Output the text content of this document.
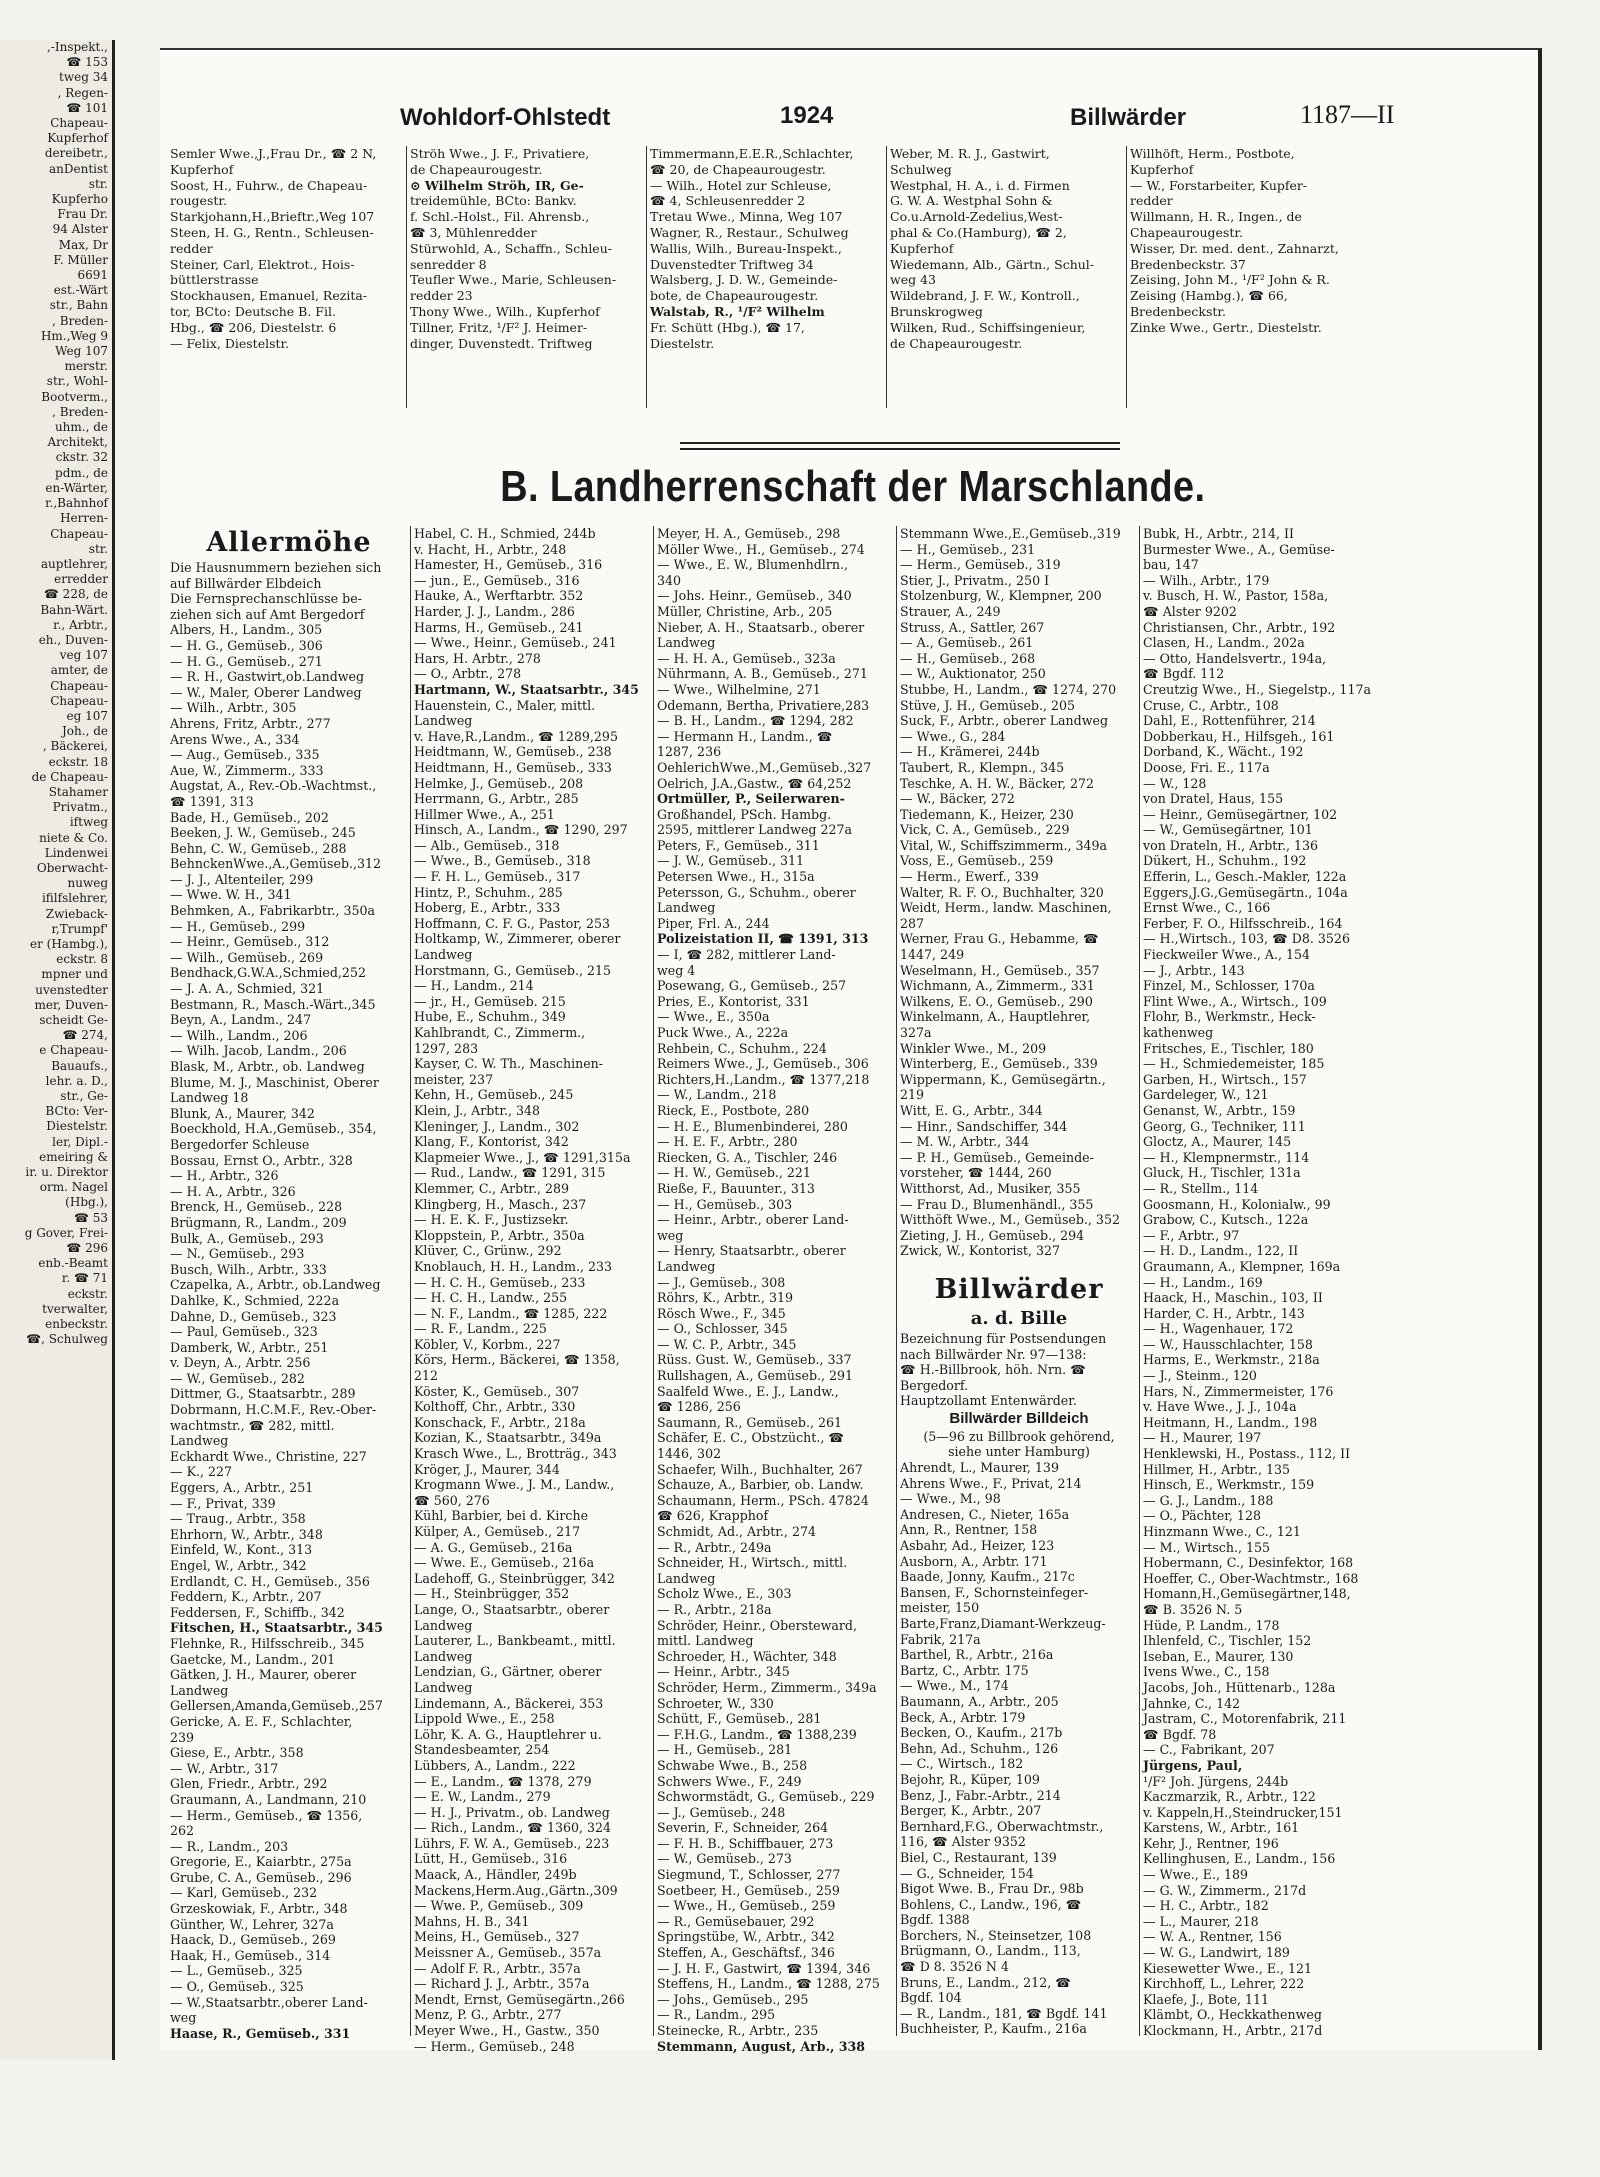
,-Inspekt.,
☎ 153
tweg 34
, Regen-
☎ 101
Chapeau-
Kupferhof
dereibetr.,
anDentist
str.
Kupferho
Frau Dr.
94 Alster
Max, Dr
F. Müller
6691
est.-Wärt
str., Bahn
, Breden-
Hm.,Weg 9
Weg 107
merstr.
str., Wohl-
Bootverm.,
, Breden-
uhm., de
Architekt,
ckstr. 32
pdm., de
en-Wärter,
r.,Bahnhof
Herren-
Chapeau-
str.
auptlehrer,
erredder
☎ 228, de
Bahn-Wärt.
r., Arbtr.,
eh., Duven-
veg 107
amter, de
Chapeau-
Chapeau-
eg 107
Joh., de
, Bäckerei,
eckstr. 18
de Chapeau-
Stahamer
Privatm.,
iftweg
niete & Co.
Lindenwei
Oberwacht-
nuweg
ifilfslehrer,
Zwieback-
r,Trumpf'
er (Hambg.),
eckstr. 8
mpner und
uvenstedter
mer, Duven-
scheidt Ge-
☎ 274,
e Chapeau-
Bauaufs.,
lehr. a. D.,
str., Ge-
BCto: Ver-
Diestelstr.
ler, Dipl.-
emeiring &
ir. u. Direktor
orm. Nagel
(Hbg.),
☎ 53
g Gover, Frei-
☎ 296
enb.-Beamt
r. ☎ 71
eckstr.
tverwalter,
enbeckstr.
☎, Schulweg
Wohldorf-Ohlstedt	1924	Billwärder	1187—II
Semler Wwe.,J.,Frau Dr., ☎ 2 N,
Kupferhof
Soost, H., Fuhrw., de Chapeau-
rougestr.
Starkjohann,H.,Brieftr.,Weg 107
Steen, H. G., Rentn., Schleusen-
redder
Steiner, Carl, Elektrot., Hois-
büttlerstrasse
Stockhausen, Emanuel, Rezita-
tor, BCto: Deutsche B. Fil.
Hbg., ☎ 206, Diestelstr. 6
— Felix, Diestelstr.
Ströh Wwe., J. F., Privatiere,
de Chapeaurougestr.
⊙ Wilhelm Ströh, IR, Ge-
treidemühle, BCto: Bankv.
f. Schl.-Holst., Fil. Ahrensb.,
☎ 3, Mühlenredder
Stürwohld, A., Schaffn., Schleu-
senredder 8
Teufler Wwe., Marie, Schleusen-
redder 23
Thony Wwe., Wilh., Kupferhof
Tillner, Fritz, ¹/F² J. Heimer-
dinger, Duvenstedt. Triftweg
Timmermann,E.E.R.,Schlachter,
☎ 20, de Chapeaurougestr.
— Wilh., Hotel zur Schleuse,
☎ 4, Schleusenredder 2
Tretau Wwe., Minna, Weg 107
Wagner, R., Restaur., Schulweg
Wallis, Wilh., Bureau-Inspekt.,
Duvenstedter Triftweg 34
Walsberg, J. D. W., Gemeinde-
bote, de Chapeaurougestr.
Walstab, R., ¹/F² Wilhelm
Fr. Schütt (Hbg.), ☎ 17,
Diestelstr.
Weber, M. R. J., Gastwirt,
Schulweg
Westphal, H. A., i. d. Firmen
G. W. A. Westphal Sohn &
Co.u.Arnold-Zedelius,West-
phal & Co.(Hamburg), ☎ 2,
Kupferhof
Wiedemann, Alb., Gärtn., Schul-
weg 43
Wildebrand, J. F. W., Kontroll.,
Brunskrogweg
Wilken, Rud., Schiffsingenieur,
de Chapeaurougestr.
Willhöft, Herm., Postbote,
Kupferhof
— W., Forstarbeiter, Kupfer-
redder
Willmann, H. R., Ingen., de
Chapeaurougestr.
Wisser, Dr. med. dent., Zahnarzt,
Bredenbeckstr. 37
Zeising, John M., ¹/F² John & R.
Zeising (Hambg.), ☎ 66,
Bredenbeckstr.
Zinke Wwe., Gertr., Diestelstr.
B. Landherrenschaft der Marschlande.
Allermöhe
Die Hausnummern beziehen sich
auf Billwärder Elbdeich
Die Fernsprechanschlüsse be-
ziehen sich auf Amt Bergedorf
Albers, H., Landm., 305
— H. G., Gemüseb., 306
— H. G., Gemüseb., 271
— R. H., Gastwirt,ob.Landweg
— W., Maler, Oberer Landweg
— Wilh., Arbtr., 305
Ahrens, Fritz, Arbtr., 277
Arens Wwe., A., 334
— Aug., Gemüseb., 335
Aue, W., Zimmerm., 333
Augstat, A., Rev.-Ob.-Wachtmst.,
☎ 1391, 313
Bade, H., Gemüseb., 202
Beeken, J. W., Gemüseb., 245
Behn, C. W., Gemüseb., 288
BehnckenWwe.,A.,Gemüseb.,312
— J. J., Altenteiler, 299
— Wwe. W. H., 341
Behmken, A., Fabrikarbtr., 350a
— H., Gemüseb., 299
— Heinr., Gemüseb., 312
— Wilh., Gemüseb., 269
Bendhack,G.W.A.,Schmied,252
— J. A. A., Schmied, 321
Bestmann, R., Masch.-Wärt.,345
Beyn, A., Landm., 247
— Wilh., Landm., 206
— Wilh. Jacob, Landm., 206
Blask, M., Arbtr., ob. Landweg
Blume, M. J., Maschinist, Oberer
Landweg 18
Blunk, A., Maurer, 342
Boeckhold, H.A.,Gemüseb., 354,
Bergedorfer Schleuse
Bossau, Ernst O., Arbtr., 328
— H., Arbtr., 326
— H. A., Arbtr., 326
Brenck, H., Gemüseb., 228
Brügmann, R., Landm., 209
Bulk, A., Gemüseb., 293
— N., Gemüseb., 293
Busch, Wilh., Arbtr., 333
Czapelka, A., Arbtr., ob.Landweg
Dahlke, K., Schmied, 222a
Dahne, D., Gemüseb., 323
— Paul, Gemüseb., 323
Damberk, W., Arbtr., 251
v. Deyn, A., Arbtr. 256
— W., Gemüseb., 282
Dittmer, G., Staatsarbtr., 289
Dobrmann, H.C.M.F., Rev.-Ober-
wachtmstr., ☎ 282, mittl.
Landweg
Eckhardt Wwe., Christine, 227
— K., 227
Eggers, A., Arbtr., 251
— F., Privat, 339
— Traug., Arbtr., 358
Ehrhorn, W., Arbtr., 348
Einfeld, W., Kont., 313
Engel, W., Arbtr., 342
Erdlandt, C. H., Gemüseb., 356
Feddern, K., Arbtr., 207
Feddersen, F., Schiffb., 342
Fitschen, H., Staatsarbtr., 345
Flehnke, R., Hilfsschreib., 345
Gaetcke, M., Landm., 201
Gätken, J. H., Maurer, oberer
Landweg
Gellersen,Amanda,Gemüseb.,257
Gericke, A. E. F., Schlachter,
239
Giese, E., Arbtr., 358
— W., Arbtr., 317
Glen, Friedr., Arbtr., 292
Graumann, A., Landmann, 210
— Herm., Gemüseb., ☎ 1356,
262
— R., Landm., 203
Gregorie, E., Kaiarbtr., 275a
Grube, C. A., Gemüseb., 296
— Karl, Gemüseb., 232
Grzeskowiak, F., Arbtr., 348
Günther, W., Lehrer, 327a
Haack, D., Gemüseb., 269
Haak, H., Gemüseb., 314
— L., Gemüseb., 325
— O., Gemüseb., 325
— W.,Staatsarbtr.,oberer Land-
weg
Haase, R., Gemüseb., 331
Habel, C. H., Schmied, 244b
v. Hacht, H., Arbtr., 248
Hamester, H., Gemüseb., 316
— jun., E., Gemüseb., 316
Hauke, A., Werftarbtr. 352
Harder, J. J., Landm., 286
Harms, H., Gemüseb., 241
— Wwe., Heinr., Gemüseb., 241
Hars, H. Arbtr., 278
— O., Arbtr., 278
Hartmann, W., Staatsarbtr., 345
Hauenstein, C., Maler, mittl.
Landweg
v. Have,R.,Landm., ☎ 1289,295
Heidtmann, W., Gemüseb., 238
Heidtmann, H., Gemüseb., 333
Helmke, J., Gemüseb., 208
Herrmann, G., Arbtr., 285
Hillmer Wwe., A., 251
Hinsch, A., Landm., ☎ 1290, 297
— Alb., Gemüseb., 318
— Wwe., B., Gemüseb., 318
— F. H. L., Gemüseb., 317
Hintz, P., Schuhm., 285
Hoberg, E., Arbtr., 333
Hoffmann, C. F. G., Pastor, 253
Holtkamp, W., Zimmerer, oberer
Landweg
Horstmann, G., Gemüseb., 215
— H., Landm., 214
— jr., H., Gemüseb. 215
Hube, E., Schuhm., 349
Kahlbrandt, C., Zimmerm.,
1297, 283
Kayser, C. W. Th., Maschinen-
meister, 237
Kehn, H., Gemüseb., 245
Klein, J., Arbtr., 348
Kleninger, J., Landm., 302
Klang, F., Kontorist, 342
Klapmeier Wwe., J., ☎ 1291,315a
— Rud., Landw., ☎ 1291, 315
Klemmer, C., Arbtr., 289
Klingberg, H., Masch., 237
— H. E. K. F., Justizsekr.
Kloppstein, P., Arbtr., 350a
Klüver, C., Grünw., 292
Knoblauch, H. H., Landm., 233
— H. C. H., Gemüseb., 233
— H. C. H., Landw., 255
— N. F., Landm., ☎ 1285, 222
— R. F., Landm., 225
Köbler, V., Korbm., 227
Körs, Herm., Bäckerei, ☎ 1358,
212
Köster, K., Gemüseb., 307
Kolthoff, Chr., Arbtr., 330
Konschack, F., Arbtr., 218a
Kozian, K., Staatsarbtr., 349a
Krasch Wwe., L., Brotträg., 343
Kröger, J., Maurer, 344
Krogmann Wwe., J. M., Landw.,
☎ 560, 276
Kühl, Barbier, bei d. Kirche
Külper, A., Gemüseb., 217
— A. G., Gemüseb., 216a
— Wwe. E., Gemüseb., 216a
Ladehoff, G., Steinbrügger, 342
— H., Steinbrügger, 352
Lange, O., Staatsarbtr., oberer
Landweg
Lauterer, L., Bankbeamt., mittl.
Landweg
Lendzian, G., Gärtner, oberer
Landweg
Lindemann, A., Bäckerei, 353
Lippold Wwe., E., 258
Löhr, K. A. G., Hauptlehrer u.
Standesbeamter, 254
Lübbers, A., Landm., 222
— E., Landm., ☎ 1378, 279
— E. W., Landm., 279
— H. J., Privatm., ob. Landweg
— Rich., Landm., ☎ 1360, 324
Lührs, F. W. A., Gemüseb., 223
Lütt, H., Gemüseb., 316
Maack, A., Händler, 249b
Mackens,Herm.Aug.,Gärtn.,309
— Wwe. P., Gemüseb., 309
Mahns, H. B., 341
Meins, H., Gemüseb., 327
Meissner A., Gemüseb., 357a
— Adolf F. R., Arbtr., 357a
— Richard J. J., Arbtr., 357a
Mendt, Ernst, Gemüsegärtn.,266
Menz, P. G., Arbtr., 277
Meyer Wwe., H., Gastw., 350
— Herm., Gemüseb., 248
Meyer, H. A., Gemüseb., 298
Möller Wwe., H., Gemüseb., 274
— Wwe., E. W., Blumenhdlrn.,
340
— Johs. Heinr., Gemüseb., 340
Müller, Christine, Arb., 205
Nieber, A. H., Staatsarb., oberer
Landweg
— H. H. A., Gemüseb., 323a
Nührmann, A. B., Gemüseb., 271
— Wwe., Wilhelmine, 271
Odemann, Bertha, Privatiere,283
— B. H., Landm., ☎ 1294, 282
— Hermann H., Landm., ☎
1287, 236
OehlerichWwe.,M.,Gemüseb.,327
Oelrich, J.A.,Gastw., ☎ 64,252
Ortmüller, P., Seilerwaren-
Großhandel, PSch. Hambg.
2595, mittlerer Landweg 227a
Peters, F., Gemüseb., 311
— J. W., Gemüseb., 311
Petersen Wwe., H., 315a
Petersson, G., Schuhm., oberer
Landweg
Piper, Frl. A., 244
Polizeistation II, ☎ 1391, 313
— I, ☎ 282, mittlerer Land-
weg 4
Posewang, G., Gemüseb., 257
Pries, E., Kontorist, 331
— Wwe., E., 350a
Puck Wwe., A., 222a
Rehbein, C., Schuhm., 224
Reimers Wwe., J., Gemüseb., 306
Richters,H.,Landm., ☎ 1377,218
— W., Landm., 218
Rieck, E., Postbote, 280
— H. E., Blumenbinderei, 280
— H. E. F., Arbtr., 280
Riecken, G. A., Tischler, 246
— H. W., Gemüseb., 221
Rieße, F., Bauunter., 313
— H., Gemüseb., 303
— Heinr., Arbtr., oberer Land-
weg
— Henry, Staatsarbtr., oberer
Landweg
— J., Gemüseb., 308
Röhrs, K., Arbtr., 319
Rösch Wwe., F., 345
— O., Schlosser, 345
— W. C. P., Arbtr., 345
Rüss. Gust. W., Gemüseb., 337
Rullshagen, A., Gemüseb., 291
Saalfeld Wwe., E. J., Landw.,
☎ 1286, 256
Saumann, R., Gemüseb., 261
Schäfer, E. C., Obstzücht., ☎
1446, 302
Schaefer, Wilh., Buchhalter, 267
Schauze, A., Barbier, ob. Landw.
Schaumann, Herm., PSch. 47824
☎ 626, Krapphof
Schmidt, Ad., Arbtr., 274
— R., Arbtr., 249a
Schneider, H., Wirtsch., mittl.
Landweg
Scholz Wwe., E., 303
— R., Arbtr., 218a
Schröder, Heinr., Obersteward,
mittl. Landweg
Schroeder, H., Wächter, 348
— Heinr., Arbtr., 345
Schröder, Herm., Zimmerm., 349a
Schroeter, W., 330
Schütt, F., Gemüseb., 281
— F.H.G., Landm., ☎ 1388,239
— H., Gemüseb., 281
Schwabe Wwe., B., 258
Schwers Wwe., F., 249
Schwormstädt, G., Gemüseb., 229
— J., Gemüseb., 248
Severin, F., Schneider, 264
— F. H. B., Schiffbauer, 273
— W., Gemüseb., 273
Siegmund, T., Schlosser, 277
Soetbeer, H., Gemüseb., 259
— Wwe., H., Gemüseb., 259
— R., Gemüsebauer, 292
Springstübe, W., Arbtr., 342
Steffen, A., Geschäftsf., 346
— J. H. F., Gastwirt, ☎ 1394, 346
Steffens, H., Landm., ☎ 1288, 275
— Johs., Gemüseb., 295
— R., Landm., 295
Steinecke, R., Arbtr., 235
Stemmann, August, Arb., 338
Stemmann Wwe.,E.,Gemüseb.,319
— H., Gemüseb., 231
— Herm., Gemüseb., 319
Stier, J., Privatm., 250 I
Stolzenburg, W., Klempner, 200
Strauer, A., 249
Struss, A., Sattler, 267
— A., Gemüseb., 261
— H., Gemüseb., 268
— W., Auktionator, 250
Stubbe, H., Landm., ☎ 1274, 270
Stüve, J. H., Gemüseb., 205
Suck, F., Arbtr., oberer Landweg
— Wwe., G., 284
— H., Krämerei, 244b
Taubert, R., Klempn., 345
Teschke, A. H. W., Bäcker, 272
— W., Bäcker, 272
Tiedemann, K., Heizer, 230
Vick, C. A., Gemüseb., 229
Vital, W., Schiffszimmerm., 349a
Voss, E., Gemüseb., 259
— Herm., Ewerf., 339
Walter, R. F. O., Buchhalter, 320
Weidt, Herm., landw. Maschinen,
287
Werner, Frau G., Hebamme, ☎
1447, 249
Weselmann, H., Gemüseb., 357
Wichmann, A., Zimmerm., 331
Wilkens, E. O., Gemüseb., 290
Winkelmann, A., Hauptlehrer,
327a
Winkler Wwe., M., 209
Winterberg, E., Gemüseb., 339
Wippermann, K., Gemüsegärtn.,
219
Witt, E. G., Arbtr., 344
— Hinr., Sandschiffer, 344
— M. W., Arbtr., 344
— P. H., Gemüseb., Gemeinde-
vorsteher, ☎ 1444, 260
Witthorst, Ad., Musiker, 355
— Frau D., Blumenhändl., 355
Witthöft Wwe., M., Gemüseb., 352
Zieting, J. H., Gemüseb., 294
Zwick, W., Kontorist, 327
Billwärder
a. d. Bille
Bezeichnung für Postsendungen
nach Billwärder Nr. 97—138:
☎ H.-Billbrook, höh. Nrn. ☎
Bergedorf.
Hauptzollamt Entenwärder.
Billwärder Billdeich
(5—96 zu Billbrook gehörend,
siehe unter Hamburg)
Ahrendt, L., Maurer, 139
Ahrens Wwe., F., Privat, 214
— Wwe., M., 98
Andresen, C., Nieter, 165a
Ann, R., Rentner, 158
Asbahr, Ad., Heizer, 123
Ausborn, A., Arbtr. 171
Baade, Jonny, Kaufm., 217c
Bansen, F., Schornsteinfeger-
meister, 150
Barte,Franz,Diamant-Werkzeug-
Fabrik, 217a
Barthel, R., Arbtr., 216a
Bartz, C., Arbtr. 175
— Wwe., M., 174
Baumann, A., Arbtr., 205
Beck, A., Arbtr. 179
Becken, O., Kaufm., 217b
Behn, Ad., Schuhm., 126
— C., Wirtsch., 182
Bejohr, R., Küper, 109
Benz, J., Fabr.-Arbtr., 214
Berger, K., Arbtr., 207
Bernhard,F.G., Oberwachtmstr.,
116, ☎ Alster 9352
Biel, C., Restaurant, 139
— G., Schneider, 154
Bigot Wwe. B., Frau Dr., 98b
Bohlens, C., Landw., 196, ☎
Bgdf. 1388
Borchers, N., Steinsetzer, 108
Brügmann, O., Landm., 113,
☎ D 8. 3526 N 4
Bruns, E., Landm., 212, ☎
Bgdf. 104
— R., Landm., 181, ☎ Bgdf. 141
Buchheister, P., Kaufm., 216a
Bubk, H., Arbtr., 214, II
Burmester Wwe., A., Gemüse-
bau, 147
— Wilh., Arbtr., 179
v. Busch, H. W., Pastor, 158a,
☎ Alster 9202
Christiansen, Chr., Arbtr., 192
Clasen, H., Landm., 202a
— Otto, Handelsvertr., 194a,
☎ Bgdf. 112
Creutzig Wwe., H., Siegelstp., 117a
Cruse, C., Arbtr., 108
Dahl, E., Rottenführer, 214
Dobberkau, H., Hilfsgeh., 161
Dorband, K., Wächt., 192
Doose, Fri. E., 117a
— W., 128
von Dratel, Haus, 155
— Heinr., Gemüsegärtner, 102
— W., Gemüsegärtner, 101
von Drateln, H., Arbtr., 136
Dükert, H., Schuhm., 192
Efferin, L., Gesch.-Makler, 122a
Eggers,J.G.,Gemüsegärtn., 104a
Ernst Wwe., C., 166
Ferber, F. O., Hilfsschreib., 164
— H.,Wirtsch., 103, ☎ D8. 3526
Fieckweiler Wwe., A., 154
— J., Arbtr., 143
Finzel, M., Schlosser, 170a
Flint Wwe., A., Wirtsch., 109
Flohr, B., Werkmstr., Heck-
kathenweg
Fritsches, E., Tischler, 180
— H., Schmiedemeister, 185
Garben, H., Wirtsch., 157
Gardeleger, W., 121
Genanst, W., Arbtr., 159
Georg, G., Techniker, 111
Gloctz, A., Maurer, 145
— H., Klempnermstr., 114
Gluck, H., Tischler, 131a
— R., Stellm., 114
Goosmann, H., Kolonialw., 99
Grabow, C., Kutsch., 122a
— F., Arbtr., 97
— H. D., Landm., 122, II
Graumann, A., Klempner, 169a
— H., Landm., 169
Haack, H., Maschin., 103, II
Harder, C. H., Arbtr., 143
— H., Wagenhauer, 172
— W., Hausschlachter, 158
Harms, E., Werkmstr., 218a
— J., Steinm., 120
Hars, N., Zimmermeister, 176
v. Have Wwe., J. J., 104a
Heitmann, H., Landm., 198
— H., Maurer, 197
Henklewski, H., Postass., 112, II
Hillmer, H., Arbtr., 135
Hinsch, E., Werkmstr., 159
— G. J., Landm., 188
— O., Pächter, 128
Hinzmann Wwe., C., 121
— M., Wirtsch., 155
Hobermann, C., Desinfektor, 168
Hoeffer, C., Ober-Wachtmstr., 168
Homann,H.,Gemüsegärtner,148,
☎ B. 3526 N. 5
Hüde, P. Landm., 178
Ihlenfeld, C., Tischler, 152
Iseban, E., Maurer, 130
Ivens Wwe., C., 158
Jacobs, Joh., Hüttenarb., 128a
Jahnke, C., 142
Jastram, C., Motorenfabrik, 211
☎ Bgdf. 78
— C., Fabrikant, 207
Jürgens, Paul,
¹/F² Joh. Jürgens, 244b
Kaczmarzik, R., Arbtr., 122
v. Kappeln,H.,Steindrucker,151
Karstens, W., Arbtr., 161
Kehr, J., Rentner, 196
Kellinghusen, E., Landm., 156
— Wwe., E., 189
— G. W., Zimmerm., 217d
— H. C., Arbtr., 182
— L., Maurer, 218
— W. A., Rentner, 156
— W. G., Landwirt, 189
Kiesewetter Wwe., E., 121
Kirchhoff, L., Lehrer, 222
Klaefe, J., Bote, 111
Klämbt, O., Heckkathenweg
Klockmann, H., Arbtr., 217d
